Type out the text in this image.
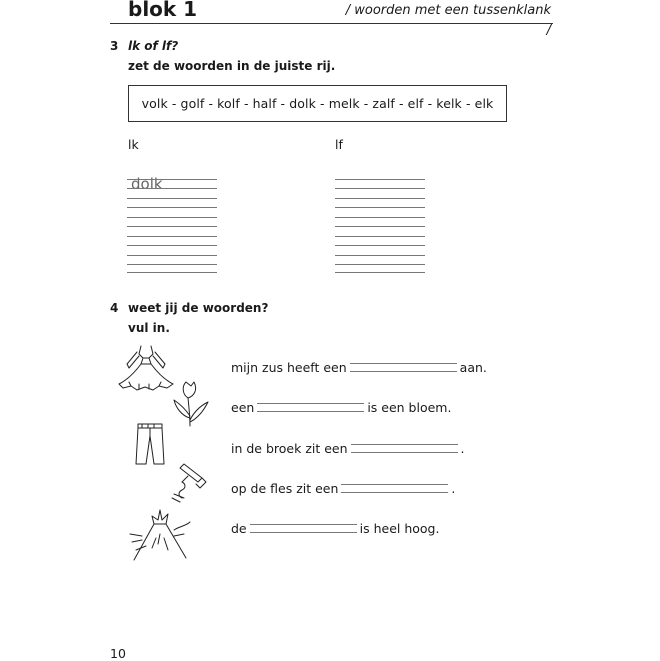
blok 1	/ woorden met een tussenklank /
3 lk of lf?
zet de woorden in de juiste rij.
volk - golf - kolf - half - dolk - melk - zalf - elf - kelk - elk
lk	lf
dolk
4 weet jij de woorden?
vul in.
mijn zus heeft een	aan.
een	is een bloem.
in de broek zit een	.
op de fles zit een	.
de	is heel hoog.
10
